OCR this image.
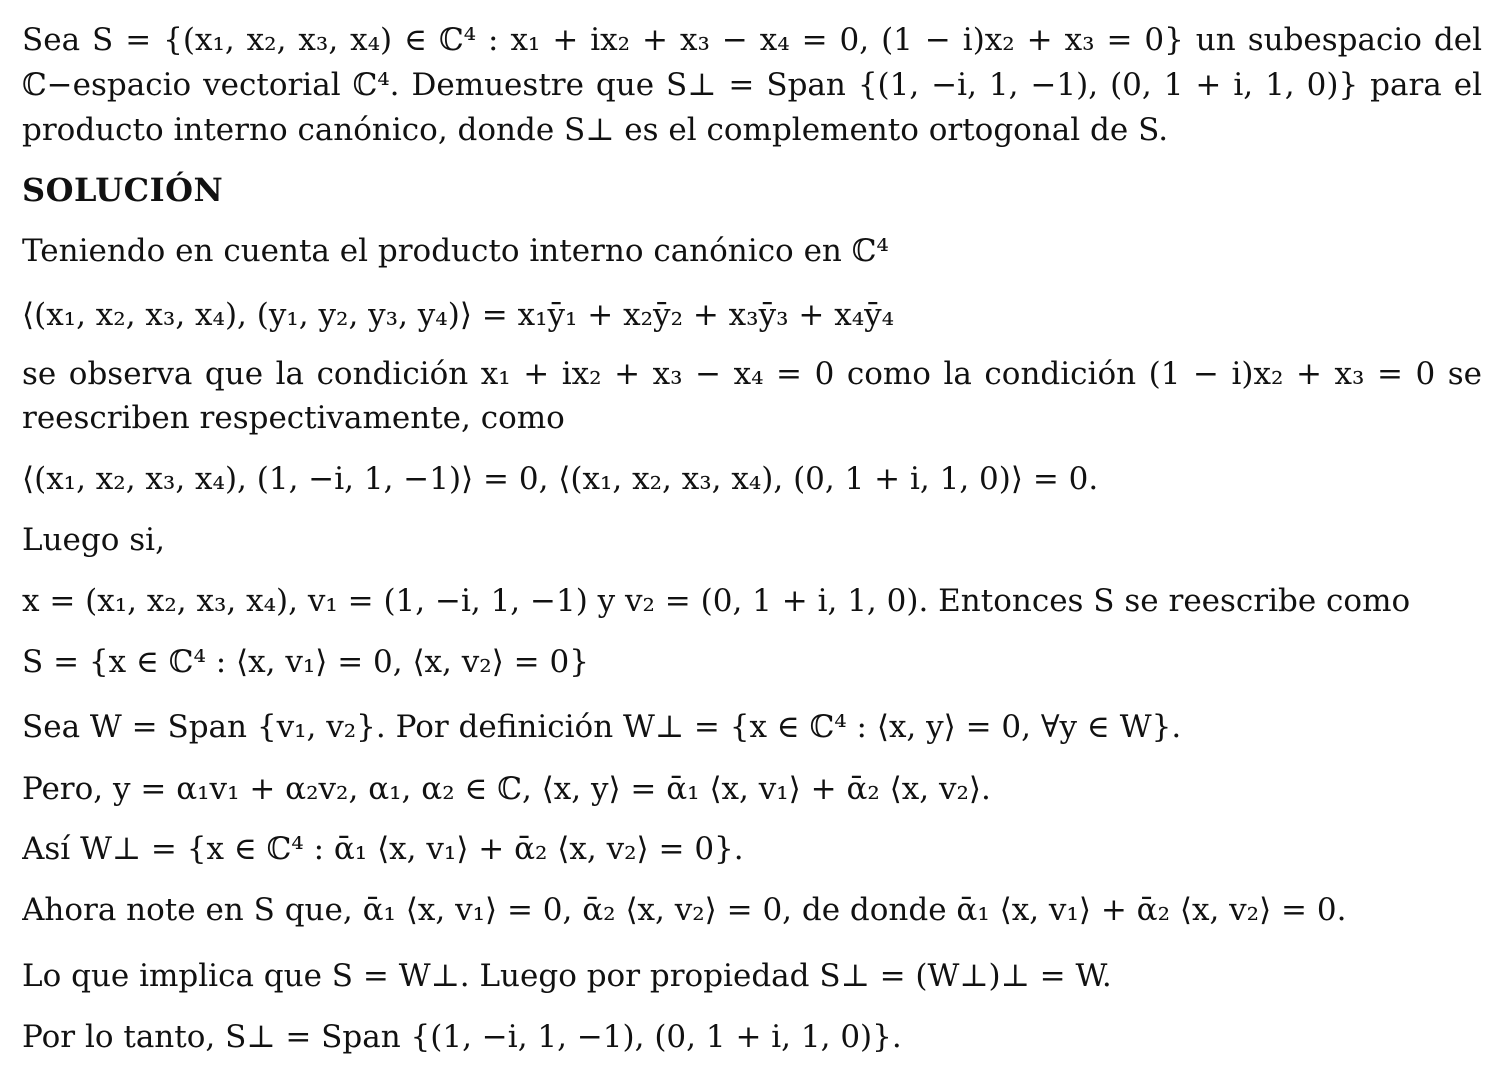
Sea S = {(x₁, x₂, x₃, x₄) ∈ ℂ⁴ : x₁ + ix₂ + x₃ − x₄ = 0, (1 − i)x₂ + x₃ = 0} un subespacio del
ℂ−espacio vectorial ℂ⁴. Demuestre que S⊥ = Span {(1, −i, 1, −1), (0, 1 + i, 1, 0)} para el
producto interno canónico, donde S⊥ es el complemento ortogonal de S.
SOLUCIÓN
Teniendo en cuenta el producto interno canónico en ℂ⁴
⟨(x₁, x₂, x₃, x₄), (y₁, y₂, y₃, y₄)⟩ = x₁ȳ₁ + x₂ȳ₂ + x₃ȳ₃ + x₄ȳ₄
se observa que la condición x₁ + ix₂ + x₃ − x₄ = 0 como la condición (1 − i)x₂ + x₃ = 0 se
reescriben respectivamente, como
⟨(x₁, x₂, x₃, x₄), (1, −i, 1, −1)⟩ = 0, ⟨(x₁, x₂, x₃, x₄), (0, 1 + i, 1, 0)⟩ = 0.
Luego si,
x = (x₁, x₂, x₃, x₄), v₁ = (1, −i, 1, −1) y v₂ = (0, 1 + i, 1, 0). Entonces S se reescribe como
S = {x ∈ ℂ⁴ : ⟨x, v₁⟩ = 0, ⟨x, v₂⟩ = 0}
Sea W = Span {v₁, v₂}. Por definición W⊥ = {x ∈ ℂ⁴ : ⟨x, y⟩ = 0, ∀y ∈ W}.
Pero, y = α₁v₁ + α₂v₂, α₁, α₂ ∈ ℂ, ⟨x, y⟩ = ᾱ₁ ⟨x, v₁⟩ + ᾱ₂ ⟨x, v₂⟩.
Así W⊥ = {x ∈ ℂ⁴ : ᾱ₁ ⟨x, v₁⟩ + ᾱ₂ ⟨x, v₂⟩ = 0}.
Ahora note en S que, ᾱ₁ ⟨x, v₁⟩ = 0, ᾱ₂ ⟨x, v₂⟩ = 0, de donde ᾱ₁ ⟨x, v₁⟩ + ᾱ₂ ⟨x, v₂⟩ = 0.
Lo que implica que S = W⊥. Luego por propiedad S⊥ = (W⊥)⊥ = W.
Por lo tanto, S⊥ = Span {(1, −i, 1, −1), (0, 1 + i, 1, 0)}.
